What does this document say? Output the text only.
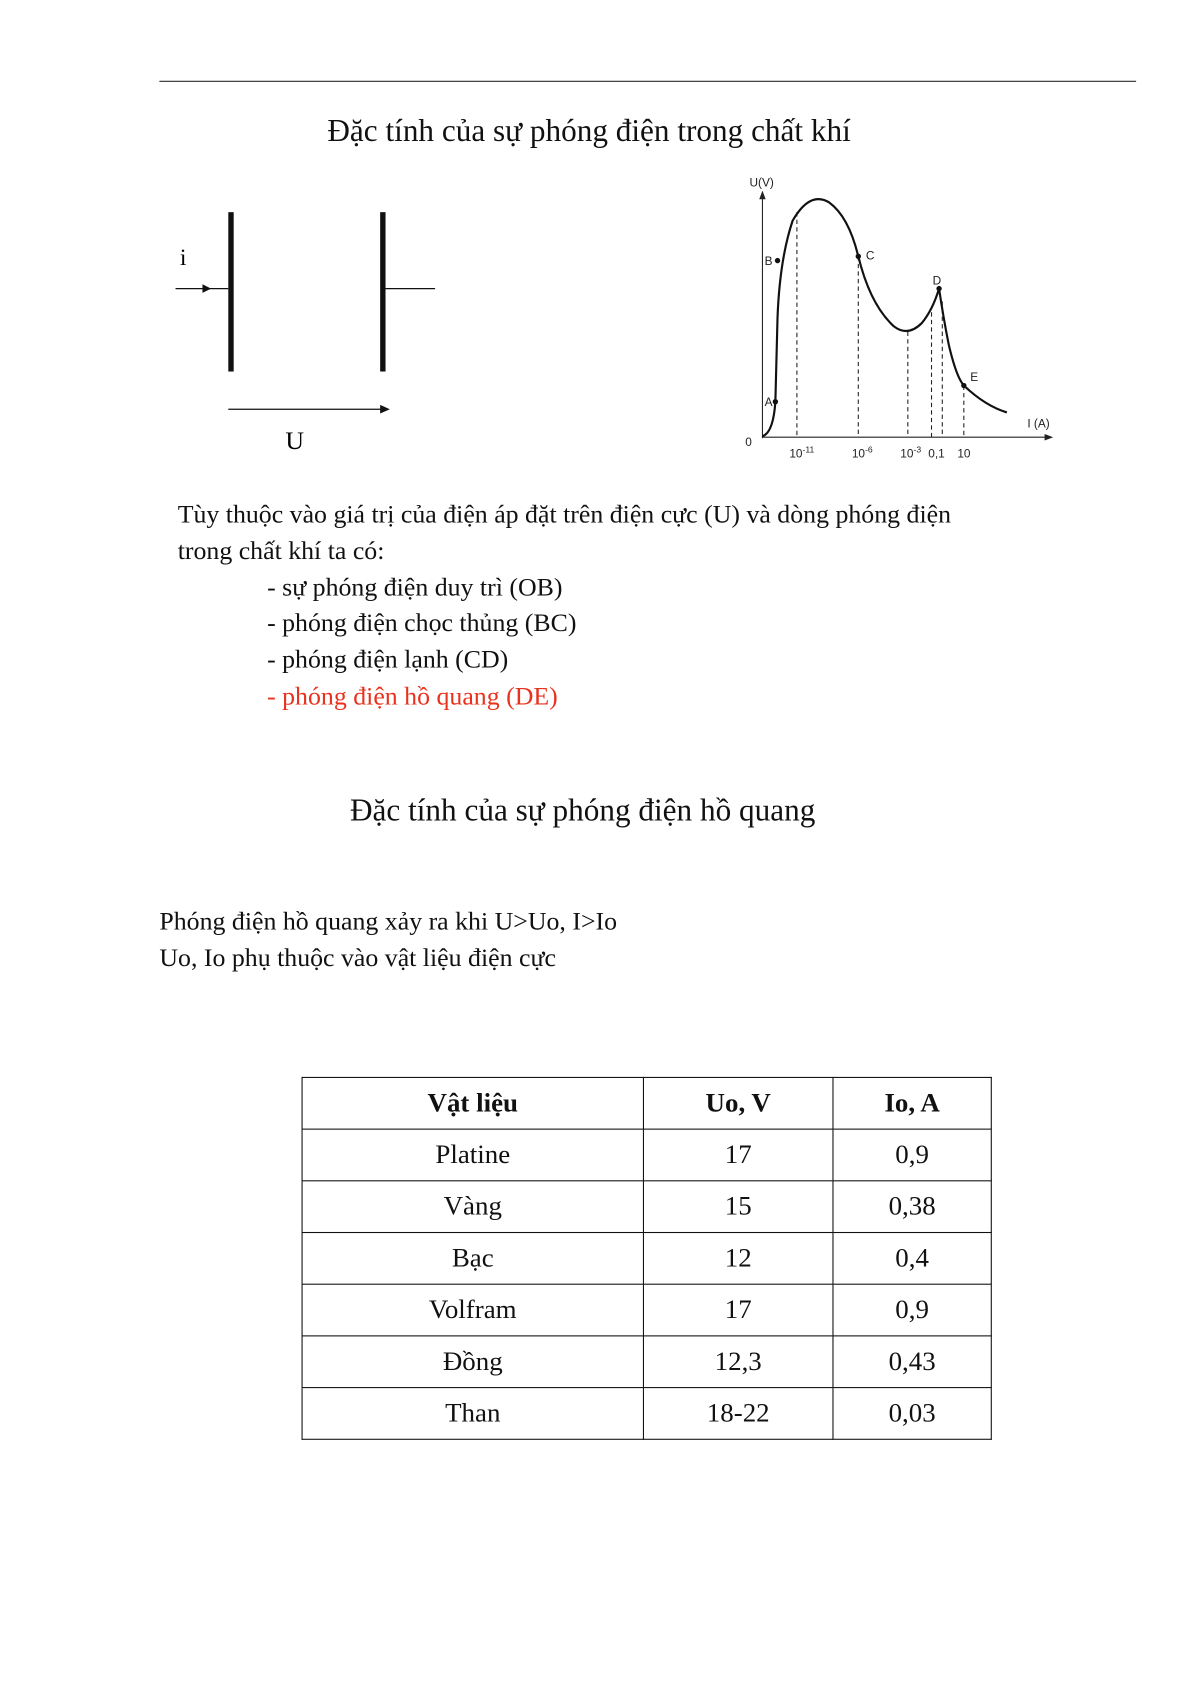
Đặc tính của sự phóng điện trong chất khí
i
U
A
B	C
D
E
U(V)
I (A)
0
$10^{-11}$	$10^{-6}$	$10^{-3}$ 0,1 10
Tùy thuộc vào giá trị của điện áp đặt trên điện cực (U) và dòng phóng điện
trong chất khí ta có:
- sự phóng điện duy trì (OB)
- phóng điện chọc thủng (BC)
- phóng điện lạnh (CD)
- phóng điện hồ quang (DE)
Đặc tính của sự phóng điện hồ quang
Phóng điện hồ quang xảy ra khi U>Uo, I>Io
Uo, Io phụ thuộc vào vật liệu điện cực
Vật liệu	Uo, V	Io, A
Platine	17	0,9
Vàng	15	0,38
Bạc	12	0,4
Volfram	17	0,9
Đồng	12,3	0,43
Than	18-22	0,03
